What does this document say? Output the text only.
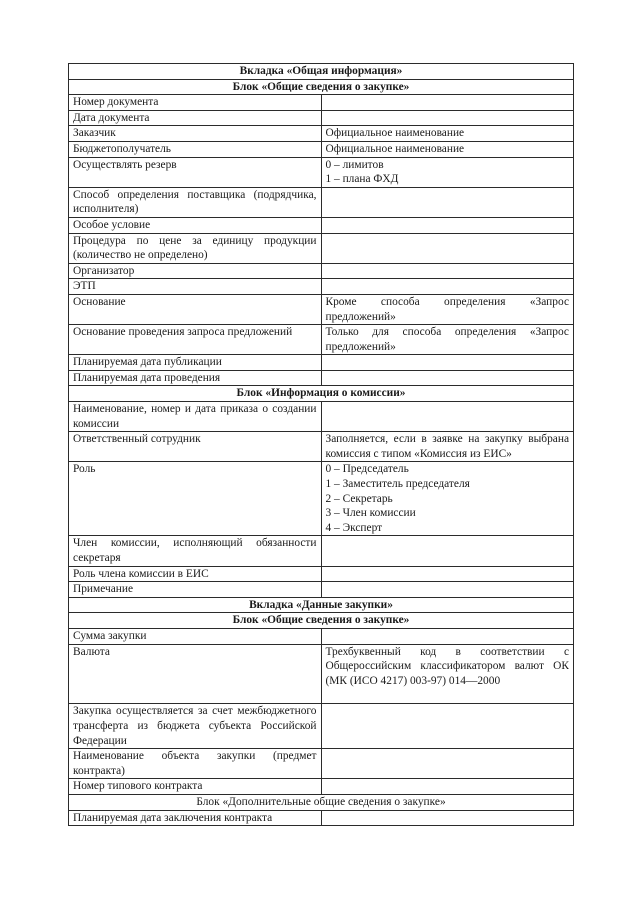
Вкладка «Общая информация»	
Блок «Общие сведения о закупке»	
Номер документа	
Дата документа	
Заказчик	Официальное наименование
Бюджетополучатель	Официальное наименование
Осуществлять резерв	0 – лимитов
1 – плана ФХД

Способ определения поставщика (подрядчика, исполнителя)	
Особое условие	
Процедура по цене за единицу продукции (количество не определено)	
Организатор	
ЭТП	
Основание	Кроме способа определения «Запрос предложений»
Основание проведения запроса предложений	Только для способа определения «Запрос предложений»
Планируемая дата публикации	
Планируемая дата проведения	
Блок «Информация о комиссии»	
Наименование, номер и дата приказа о создании комиссии	
Ответственный сотрудник	Заполняется, если в заявке на закупку выбрана комиссия с типом «Комиссия из ЕИС»
Роль	0 – Председатель
1 – Заместитель председателя
2 – Секретарь
3 – Член комиссии
4 – Эксперт

Член комиссии, исполняющий обязанности секретаря	
Роль члена комиссии в ЕИС	
Примечание	
Вкладка «Данные закупки»	
Блок «Общие сведения о закупке»	
Сумма закупки	
Валюта	Трехбуквенный код в соответствии с Общероссийским классификатором валют ОК (МК (ИСО 4217) 003-97) 014—2000
Закупка осуществляется за счет межбюджетного трансферта из бюджета субъекта Российской Федерации	
Наименование объекта закупки (предмет контракта)	
Номер типового контракта	
Блок «Дополнительные общие сведения о закупке»	
Планируемая дата заключения контракта	
